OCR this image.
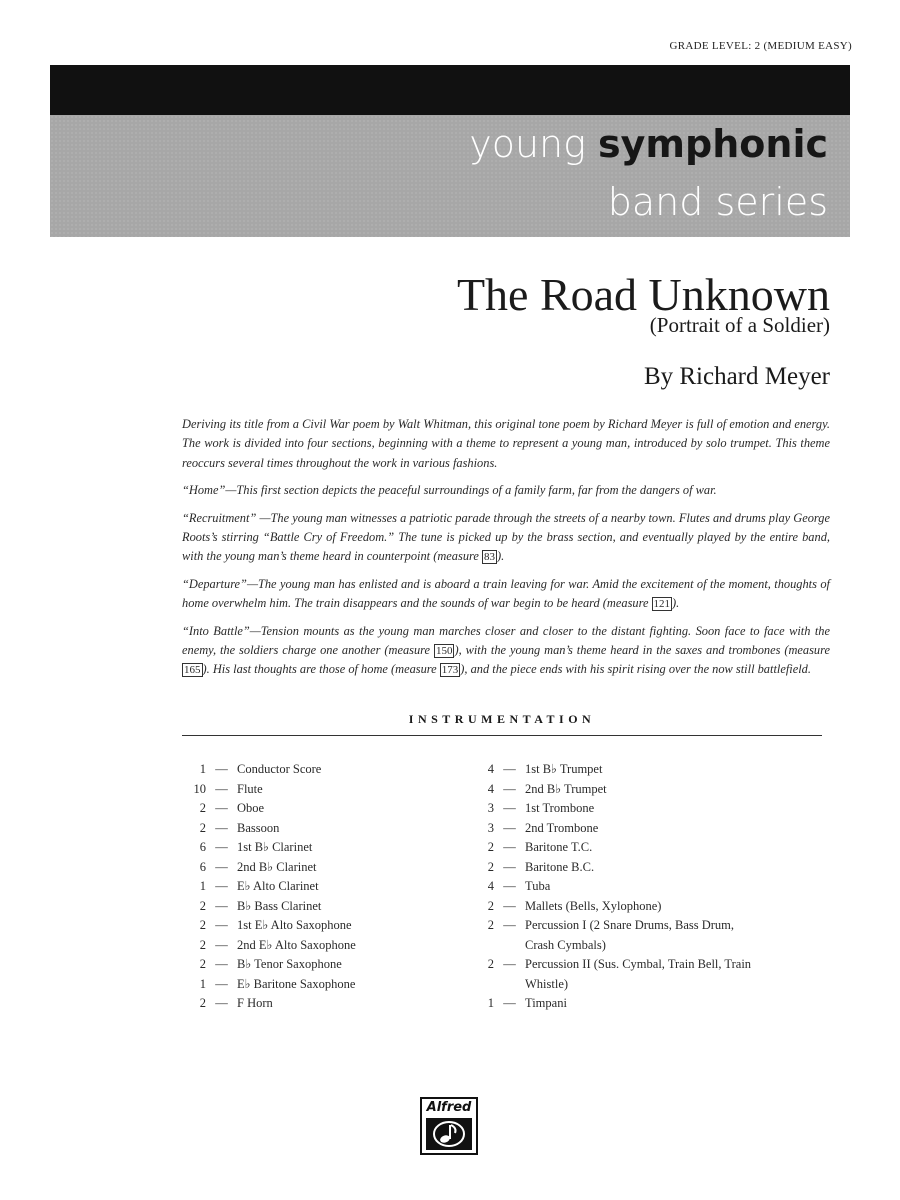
GRADE LEVEL: 2 (MEDIUM EASY)
young symphonic
band series
The Road Unknown
(Portrait of a Soldier)
By Richard Meyer

Deriving its title from a Civil War poem by Walt Whitman, this original tone poem by Richard Meyer is full of emotion and energy. The work is divided into four sections, beginning with a theme to represent a young man, introduced by solo trumpet. This theme reoccurs several times throughout the work in various fashions.

“Home”—This first section depicts the peaceful surroundings of a family farm, far from the dangers of war.

“Recruitment” —The young man witnesses a patriotic parade through the streets of a nearby town. Flutes and drums play George Roots’s stirring “Battle Cry of Freedom.” The tune is picked up by the brass section, and eventually played by the entire band, with the young man’s theme heard in counterpoint (measure 83 ).

“Departure”—The young man has enlisted and is aboard a train leaving for war. Amid the excitement of the moment, thoughts of home overwhelm him. The train disappears and the sounds of war begin to be heard (measure 121 ).

“Into Battle”—Tension mounts as the young man marches closer and closer to the distant fighting. Soon face to face with the enemy, the soldiers charge one another (measure 150 ), with the young man’s theme heard in the saxes and trombones (measure 165 ). His last thoughts are those of home (measure 173 ), and the piece ends with his spirit rising over the now still battlefield.

INSTRUMENTATION
1 — Conductor Score
10 — Flute
2 — Oboe
2 — Bassoon
6 — 1st B♭ Clarinet
6 — 2nd B♭ Clarinet
1 — E♭ Alto Clarinet
2 — B♭ Bass Clarinet
2 — 1st E♭ Alto Saxophone
2 — 2nd E♭ Alto Saxophone
2 — B♭ Tenor Saxophone
1 — E♭ Baritone Saxophone
2 — F Horn
4 — 1st B♭ Trumpet
4 — 2nd B♭ Trumpet
3 — 1st Trombone
3 — 2nd Trombone
2 — Baritone T.C.
2 — Baritone B.C.
4 — Tuba
2 — Mallets (Bells, Xylophone)
2 — Percussion I (2 Snare Drums, Bass Drum, Crash Cymbals)
2 — Percussion II (Sus. Cymbal, Train Bell, Train Whistle)
1 — Timpani
Alfred
